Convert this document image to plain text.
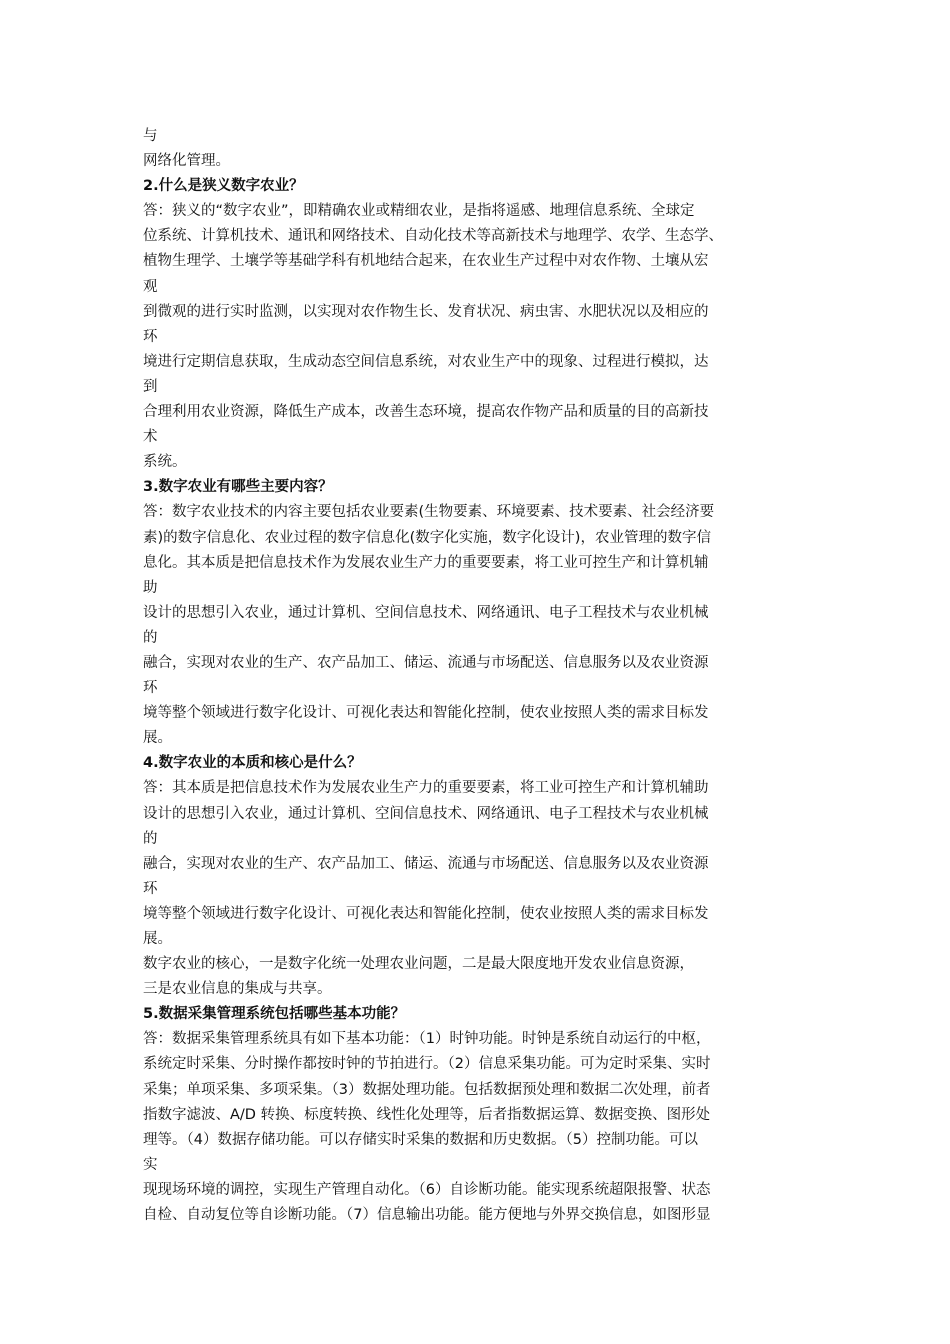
与
网络化管理。
2.什么是狭义数字农业？
答：狭义的“数字农业”，即精确农业或精细农业，是指将遥感、地理信息系统、全球定
位系统、计算机技术、通讯和网络技术、自动化技术等高新技术与地理学、农学、生态学、
植物生理学、土壤学等基础学科有机地结合起来，在农业生产过程中对农作物、土壤从宏
观
到微观的进行实时监测，以实现对农作物生长、发育状况、病虫害、水肥状况以及相应的
环
境进行定期信息获取，生成动态空间信息系统，对农业生产中的现象、过程进行模拟，达
到
合理利用农业资源，降低生产成本，改善生态环境，提高农作物产品和质量的目的高新技
术
系统。
3.数字农业有哪些主要内容？
答：数字农业技术的内容主要包括农业要素(生物要素、环境要素、技术要素、社会经济要
素)的数字信息化、农业过程的数字信息化(数字化实施，数字化设计)，农业管理的数字信
息化。其本质是把信息技术作为发展农业生产力的重要要素，将工业可控生产和计算机辅
助
设计的思想引入农业，通过计算机、空间信息技术、网络通讯、电子工程技术与农业机械
的
融合，实现对农业的生产、农产品加工、储运、流通与市场配送、信息服务以及农业资源
环
境等整个领域进行数字化设计、可视化表达和智能化控制，使农业按照人类的需求目标发
展。
4.数字农业的本质和核心是什么？
答：其本质是把信息技术作为发展农业生产力的重要要素，将工业可控生产和计算机辅助
设计的思想引入农业，通过计算机、空间信息技术、网络通讯、电子工程技术与农业机械
的
融合，实现对农业的生产、农产品加工、储运、流通与市场配送、信息服务以及农业资源
环
境等整个领域进行数字化设计、可视化表达和智能化控制，使农业按照人类的需求目标发
展。
数字农业的核心，一是数字化统一处理农业问题，二是最大限度地开发农业信息资源，
三是农业信息的集成与共享。
5.数据采集管理系统包括哪些基本功能？
答：数据采集管理系统具有如下基本功能：（1）时钟功能。时钟是系统自动运行的中枢，
系统定时采集、分时操作都按时钟的节拍进行。（2）信息采集功能。可为定时采集、实时
采集；单项采集、多项采集。（3）数据处理功能。包括数据预处理和数据二次处理，前者
指数字滤波、A/D 转换、标度转换、线性化处理等，后者指数据运算、数据变换、图形处
理等。（4）数据存储功能。可以存储实时采集的数据和历史数据。（5）控制功能。可以
实
现现场环境的调控，实现生产管理自动化。（6）自诊断功能。能实现系统超限报警、状态
自检、自动复位等自诊断功能。（7）信息输出功能。能方便地与外界交换信息，如图形显
